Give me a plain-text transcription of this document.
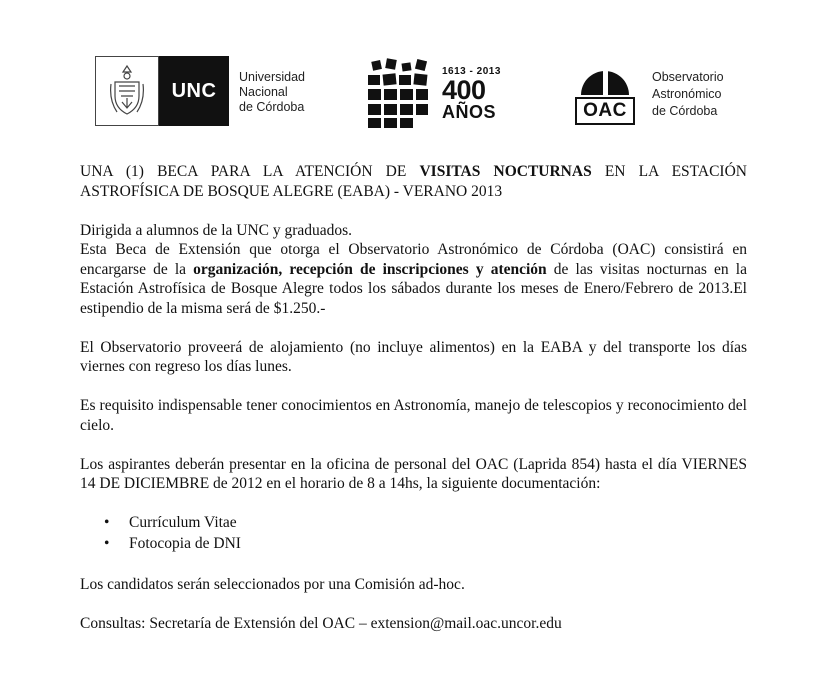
UNC
Universidad
Nacional
de Córdoba
1613 - 2013
400
AÑOS	OAC
Observatorio
Astronómico
de Córdoba

UNA (1) BECA PARA LA ATENCIÓN DE VISITAS NOCTURNAS EN LA ESTACIÓN

ASTROFÍSICA DE BOSQUE ALEGRE (EABA) - VERANO 2013

Dirigida a alumnos de la UNC y graduados.

Esta Beca de Extensión que otorga el Observatorio Astronómico de Córdoba (OAC) consistirá en encargarse de la organización, recepción de inscripciones y atención de las visitas nocturnas en la Estación Astrofísica de Bosque Alegre todos los sábados durante los meses de Enero/Febrero de 2013.El estipendio de la misma será de $1.250.-

El Observatorio proveerá de alojamiento (no incluye alimentos) en la EABA y del transporte los días viernes con regreso los días lunes.

Es requisito indispensable tener conocimientos en Astronomía, manejo de telescopios y reconocimiento del cielo.

Los aspirantes deberán presentar en la oficina de personal del OAC (Laprida 854) hasta el día VIERNES 14 DE DICIEMBRE de 2012 en el horario de 8 a 14hs, la siguiente documentación:

• Currículum Vitae
• Fotocopia de DNI

Los candidatos serán seleccionados por una Comisión ad-hoc.

Consultas: Secretaría de Extensión del OAC – extension@mail.oac.uncor.edu
